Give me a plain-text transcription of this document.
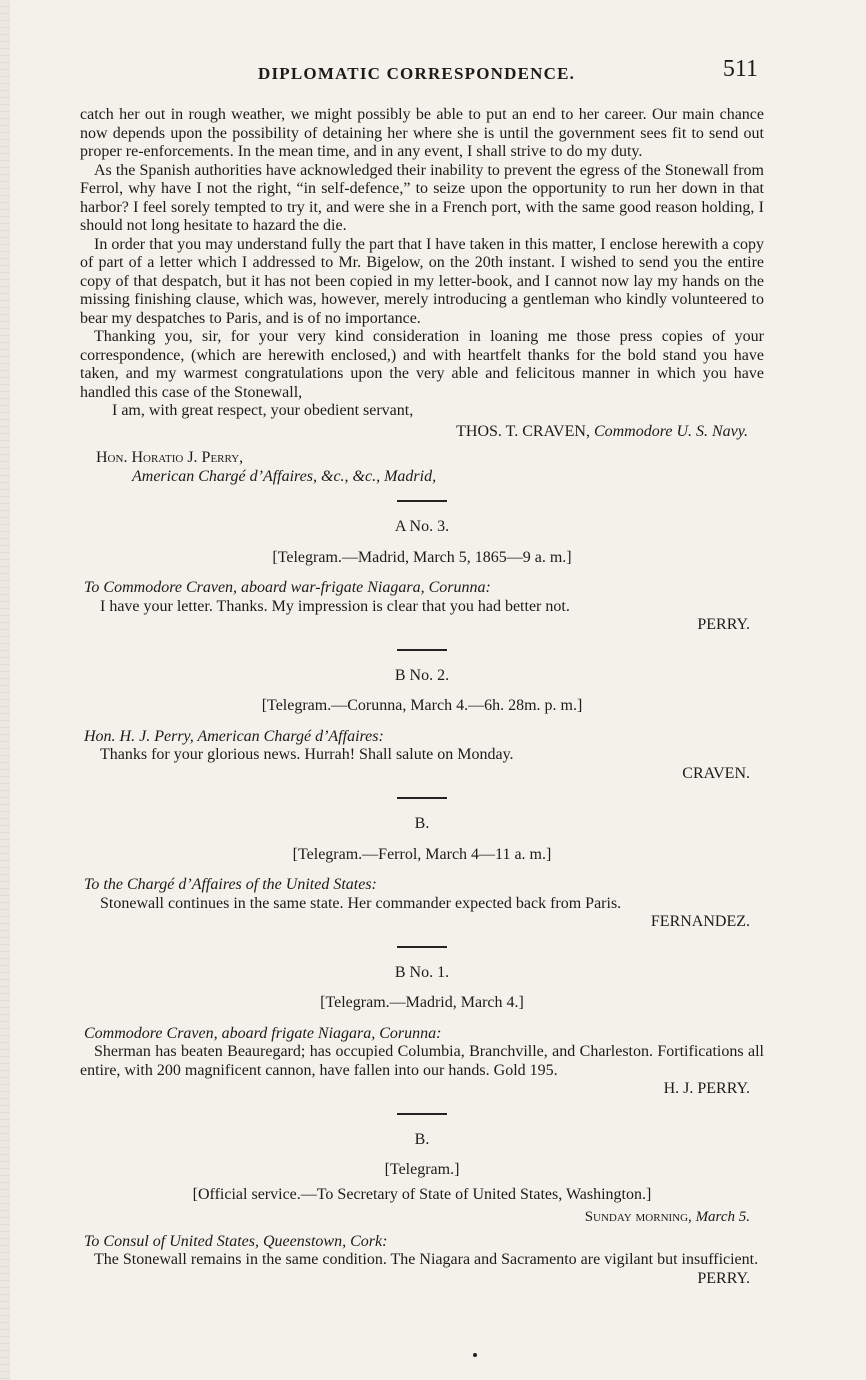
DIPLOMATIC CORRESPONDENCE.	511

catch her out in rough weather, we might possibly be able to put an end to her career. Our main chance now depends upon the possibility of detaining her where she is until the government sees fit to send out proper re-enforcements. In the mean time, and in any event, I shall strive to do my duty.

As the Spanish authorities have acknowledged their inability to prevent the egress of the Stonewall from Ferrol, why have I not the right, “in self-defence,” to seize upon the opportunity to run her down in that harbor? I feel sorely tempted to try it, and were she in a French port, with the same good reason holding, I should not long hesitate to hazard the die.

In order that you may understand fully the part that I have taken in this matter, I enclose herewith a copy of part of a letter which I addressed to Mr. Bigelow, on the 20th instant. I wished to send you the entire copy of that despatch, but it has not been copied in my letter-book, and I cannot now lay my hands on the missing finishing clause, which was, however, merely introducing a gentleman who kindly volunteered to bear my despatches to Paris, and is of no importance.

Thanking you, sir, for your very kind consideration in loaning me those press copies of your correspondence, (which are herewith enclosed,) and with heartfelt thanks for the bold stand you have taken, and my warmest congratulations upon the very able and felicitous manner in which you have handled this case of the Stonewall,

I am, with great respect, your obedient servant,

THOS. T. CRAVEN, Commodore U. S. Navy.
Hon. Horatio J. Perry,
American Chargé d’Affaires, &c., &c., Madrid,
A No. 3.
[Telegram.—Madrid, March 5, 1865—9 a. m.]
To Commodore Craven, aboard war-frigate Niagara, Corunna:
I have your letter. Thanks. My impression is clear that you had better not.
PERRY.
B No. 2.
[Telegram.—Corunna, March 4.—6h. 28m. p. m.]
Hon. H. J. Perry, American Chargé d’Affaires:
Thanks for your glorious news. Hurrah! Shall salute on Monday.
CRAVEN.
B.
[Telegram.—Ferrol, March 4—11 a. m.]
To the Chargé d’Affaires of the United States:
Stonewall continues in the same state. Her commander expected back from Paris.
FERNANDEZ.
B No. 1.
[Telegram.—Madrid, March 4.]
Commodore Craven, aboard frigate Niagara, Corunna:
Sherman has beaten Beauregard; has occupied Columbia, Branchville, and Charleston. Fortifications all entire, with 200 magnificent cannon, have fallen into our hands. Gold 195.
H. J. PERRY.
B.
[Telegram.]
[Official service.—To Secretary of State of United States, Washington.]
Sunday morning, March 5.
To Consul of United States, Queenstown, Cork:
The Stonewall remains in the same condition. The Niagara and Sacramento are vigilant but insufficient.
PERRY.
